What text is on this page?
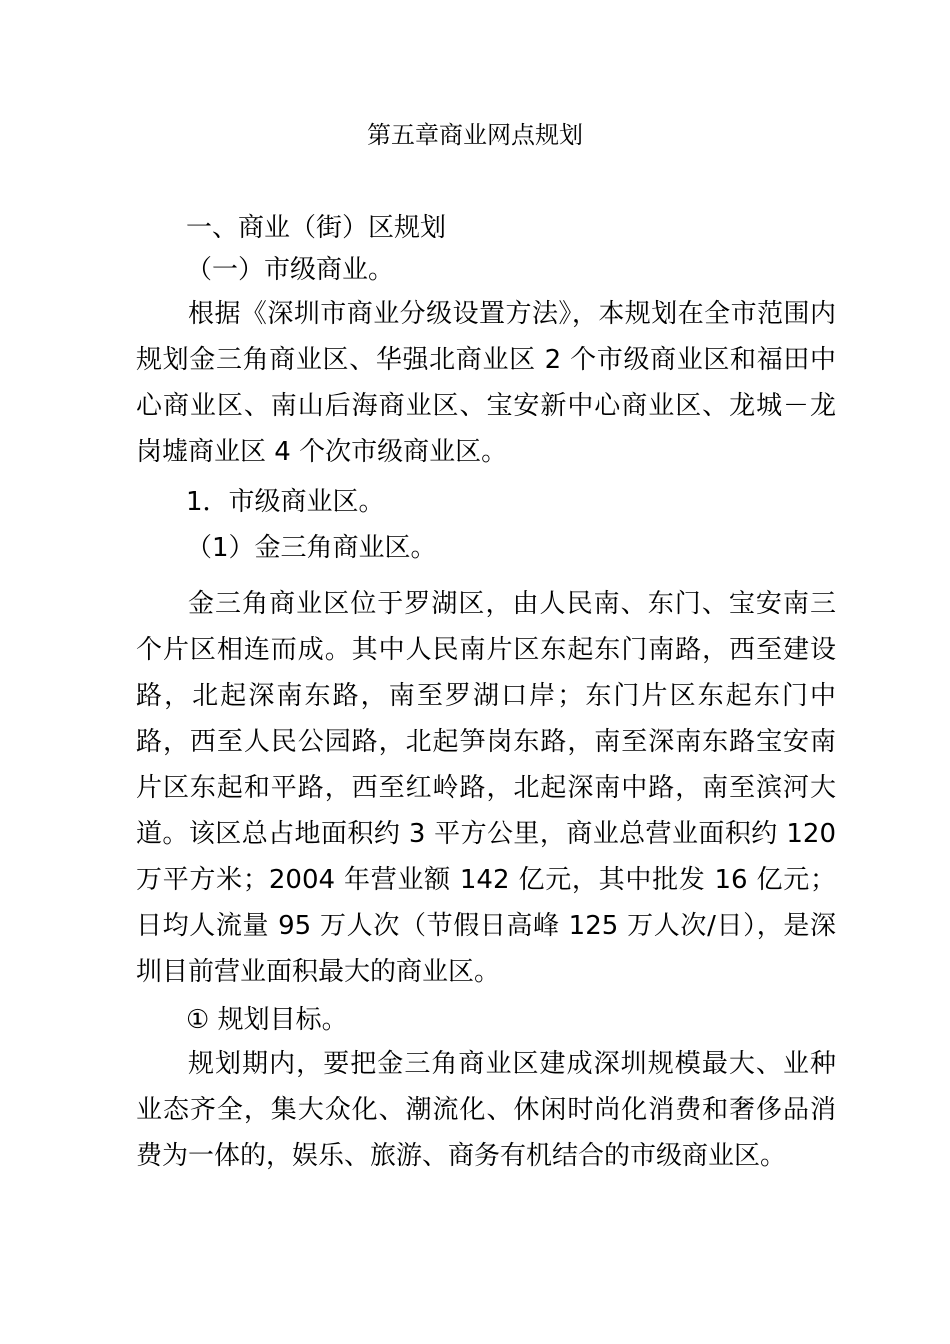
第五章商业网点规划
一、商业（街）区规划
（一）市级商业。

根据《深圳市商业分级设置方法》，本规划在全市范围内规划金三角商业区、华强北商业区 2 个市级商业区和福田中心商业区、南山后海商业区、宝安新中心商业区、龙城－龙岗墟商业区 4 个次市级商业区。

1．市级商业区。
（1）金三角商业区。

金三角商业区位于罗湖区，由人民南、东门、宝安南三个片区相连而成。其中人民南片区东起东门南路，西至建设路，北起深南东路，南至罗湖口岸；东门片区东起东门中路，西至人民公园路，北起笋岗东路，南至深南东路宝安南片区东起和平路，西至红岭路，北起深南中路，南至滨河大道。该区总占地面积约 3 平方公里，商业总营业面积约 120 万平方米；2004 年营业额 142 亿元，其中批发 16 亿元；日均人流量 95 万人次（节假日高峰 125 万人次/日），是深圳目前营业面积最大的商业区。

① 规划目标。

规划期内，要把金三角商业区建成深圳规模最大、业种业态齐全，集大众化、潮流化、休闲时尚化消费和奢侈品消费为一体的，娱乐、旅游、商务有机结合的市级商业区。
